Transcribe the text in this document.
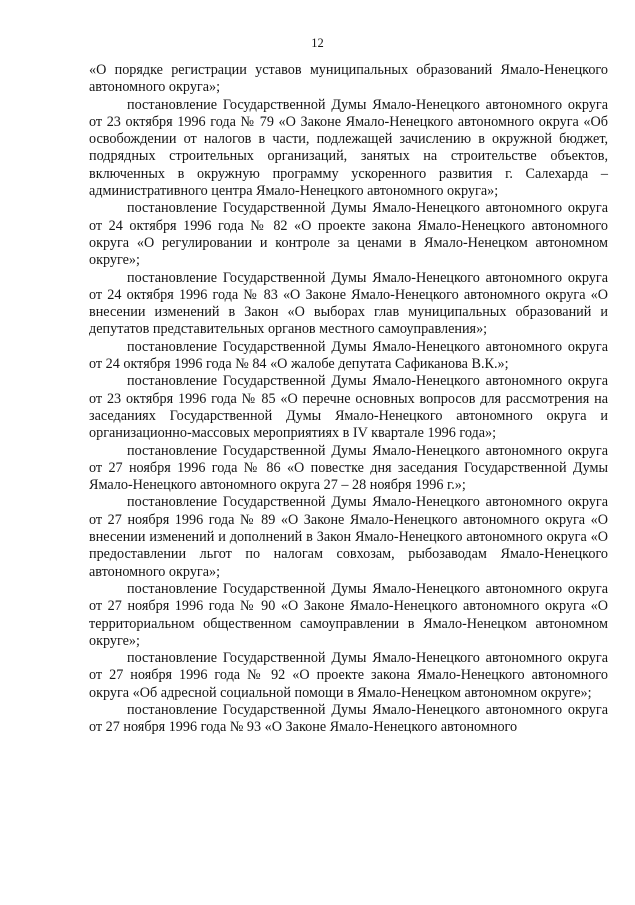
12

«О порядке регистрации уставов муниципальных образований Ямало-Ненецкого автономного округа»;

постановление Государственной Думы Ямало-Ненецкого автономного округа от 23 октября 1996 года № 79 «О Законе Ямало-Ненецкого автономного округа «Об освобождении от налогов в части, подлежащей зачислению в окружной бюджет, подрядных строительных организаций, занятых на строительстве объектов, включенных в окружную программу ускоренного развития г. Салехарда – административного центра Ямало-Ненецкого автономного округа»;

постановление Государственной Думы Ямало-Ненецкого автономного округа от 24 октября 1996 года № 82 «О проекте закона Ямало-Ненецкого автономного округа «О регулировании и контроле за ценами в Ямало-Ненецком автономном округе»;

постановление Государственной Думы Ямало-Ненецкого автономного округа от 24 октября 1996 года № 83 «О Законе Ямало-Ненецкого автономного округа «О внесении изменений в Закон «О выборах глав муниципальных образований и депутатов представительных органов местного самоуправления»;

постановление Государственной Думы Ямало-Ненецкого автономного округа от 24 октября 1996 года № 84 «О жалобе депутата Сафиканова В.К.»;

постановление Государственной Думы Ямало-Ненецкого автономного округа от 23 октября 1996 года № 85 «О перечне основных вопросов для рассмотрения на заседаниях Государственной Думы Ямало-Ненецкого автономного округа и организационно-массовых мероприятиях в IV квартале 1996 года»;

постановление Государственной Думы Ямало-Ненецкого автономного округа от 27 ноября 1996 года № 86 «О повестке дня заседания Государственной Думы Ямало-Ненецкого автономного округа 27 – 28 ноября 1996 г.»;

постановление Государственной Думы Ямало-Ненецкого автономного округа от 27 ноября 1996 года № 89 «О Законе Ямало-Ненецкого автономного округа «О внесении изменений и дополнений в Закон Ямало-Ненецкого автономного округа «О предоставлении льгот по налогам совхозам, рыбозаводам Ямало-Ненецкого автономного округа»;

постановление Государственной Думы Ямало-Ненецкого автономного округа от 27 ноября 1996 года № 90 «О Законе Ямало-Ненецкого автономного округа «О территориальном общественном самоуправлении в Ямало-Ненецком автономном округе»;

постановление Государственной Думы Ямало-Ненецкого автономного округа от 27 ноября 1996 года № 92 «О проекте закона Ямало-Ненецкого автономного округа «Об адресной социальной помощи в Ямало-Ненецком автономном округе»;

постановление Государственной Думы Ямало-Ненецкого автономного округа от 27 ноября 1996 года № 93 «О Законе Ямало-Ненецкого автономного
